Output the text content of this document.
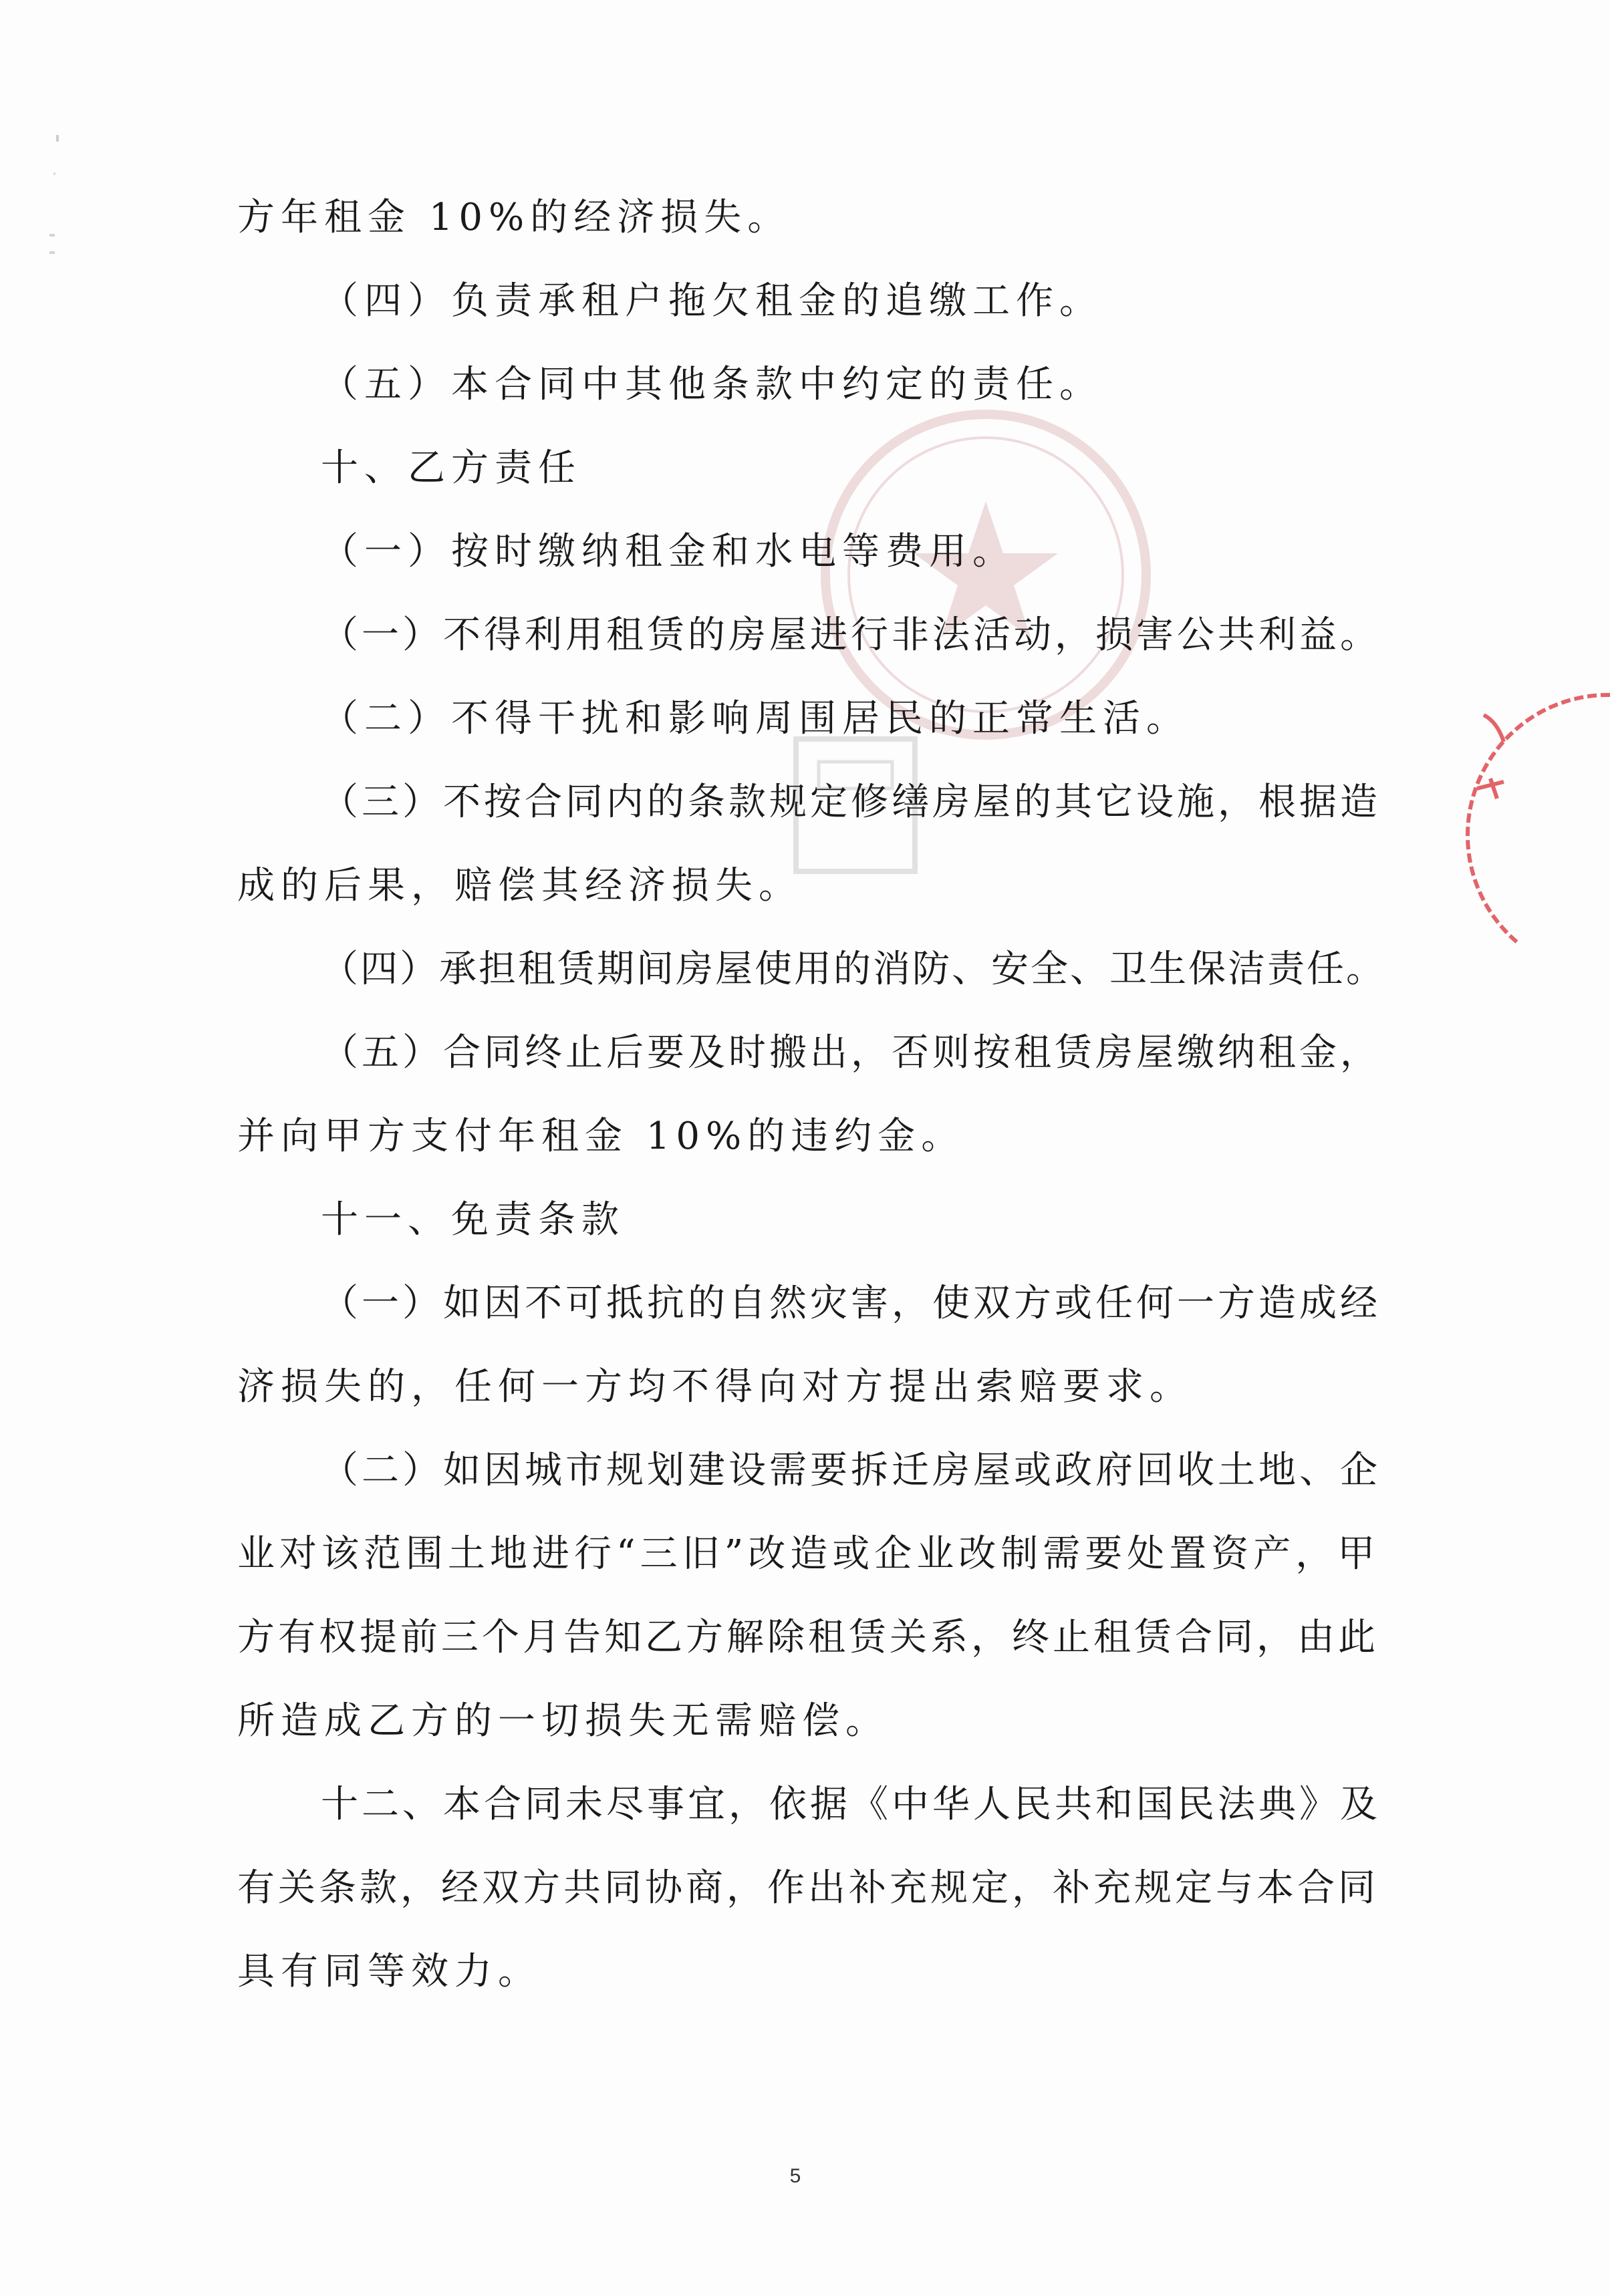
方年租金 10%的经济损失。
（四）负责承租户拖欠租金的追缴工作。
（五）本合同中其他条款中约定的责任。
十、乙方责任
（一）按时缴纳租金和水电等费用。
（一）不得利用租赁的房屋进行非法活动，损害公共利益。
（二）不得干扰和影响周围居民的正常生活。
（三）不按合同内的条款规定修缮房屋的其它设施，根据造
成的后果，赔偿其经济损失。
（四）承担租赁期间房屋使用的消防、安全、卫生保洁责任。
（五）合同终止后要及时搬出，否则按租赁房屋缴纳租金，
并向甲方支付年租金 10%的违约金。
十一、免责条款
（一）如因不可抵抗的自然灾害，使双方或任何一方造成经
济损失的，任何一方均不得向对方提出索赔要求。
（二）如因城市规划建设需要拆迁房屋或政府回收土地、企
业对该范围土地进行“三旧”改造或企业改制需要处置资产，甲
方有权提前三个月告知乙方解除租赁关系，终止租赁合同，由此
所造成乙方的一切损失无需赔偿。
十二、本合同未尽事宜，依据《中华人民共和国民法典》及
有关条款，经双方共同协商，作出补充规定，补充规定与本合同
具有同等效力。
5
